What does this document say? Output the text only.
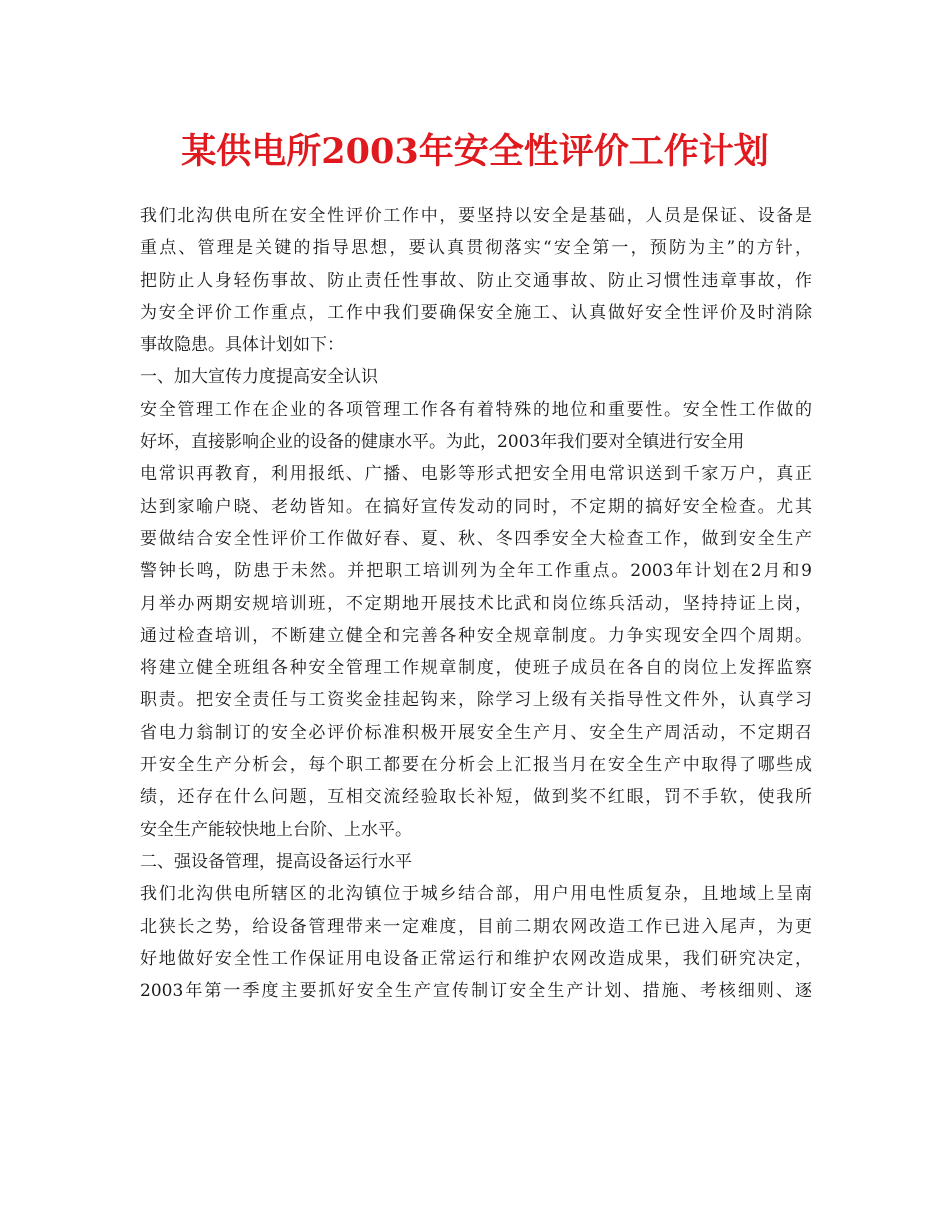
某供电所2003年安全性评价工作计划
我们北沟供电所在安全性评价工作中，要坚持以安全是基础，人员是保证、设备是
重点、管理是关键的指导思想，要认真贯彻落实“安全第一，预防为主”的方针，
把防止人身轻伤事故、防止责任性事故、防止交通事故、防止习惯性违章事故，作
为安全评价工作重点，工作中我们要确保安全施工、认真做好安全性评价及时消除
事故隐患。具体计划如下：
一、加大宣传力度提高安全认识
安全管理工作在企业的各项管理工作各有着特殊的地位和重要性。安全性工作做的
好坏，直接影响企业的设备的健康水平。为此，2003年我们要对全镇进行安全用
电常识再教育，利用报纸、广播、电影等形式把安全用电常识送到千家万户，真正
达到家喻户晓、老幼皆知。在搞好宣传发动的同时，不定期的搞好安全检查。尤其
要做结合安全性评价工作做好春、夏、秋、冬四季安全大检查工作，做到安全生产
警钟长鸣，防患于未然。并把职工培训列为全年工作重点。2003年计划在2月和9
月举办两期安规培训班，不定期地开展技术比武和岗位练兵活动，坚持持证上岗，
通过检查培训，不断建立健全和完善各种安全规章制度。力争实现安全四个周期。
将建立健全班组各种安全管理工作规章制度，使班子成员在各自的岗位上发挥监察
职责。把安全责任与工资奖金挂起钩来，除学习上级有关指导性文件外，认真学习
省电力翁制订的安全必评价标准积极开展安全生产月、安全生产周活动，不定期召
开安全生产分析会，每个职工都要在分析会上汇报当月在安全生产中取得了哪些成
绩，还存在什么问题，互相交流经验取长补短，做到奖不红眼，罚不手软，使我所
安全生产能较快地上台阶、上水平。
二、强设备管理，提高设备运行水平
我们北沟供电所辖区的北沟镇位于城乡结合部，用户用电性质复杂，且地域上呈南
北狭长之势，给设备管理带来一定难度，目前二期农网改造工作已进入尾声，为更
好地做好安全性工作保证用电设备正常运行和维护农网改造成果，我们研究决定，
2003年第一季度主要抓好安全生产宣传制订安全生产计划、措施、考核细则、逐
